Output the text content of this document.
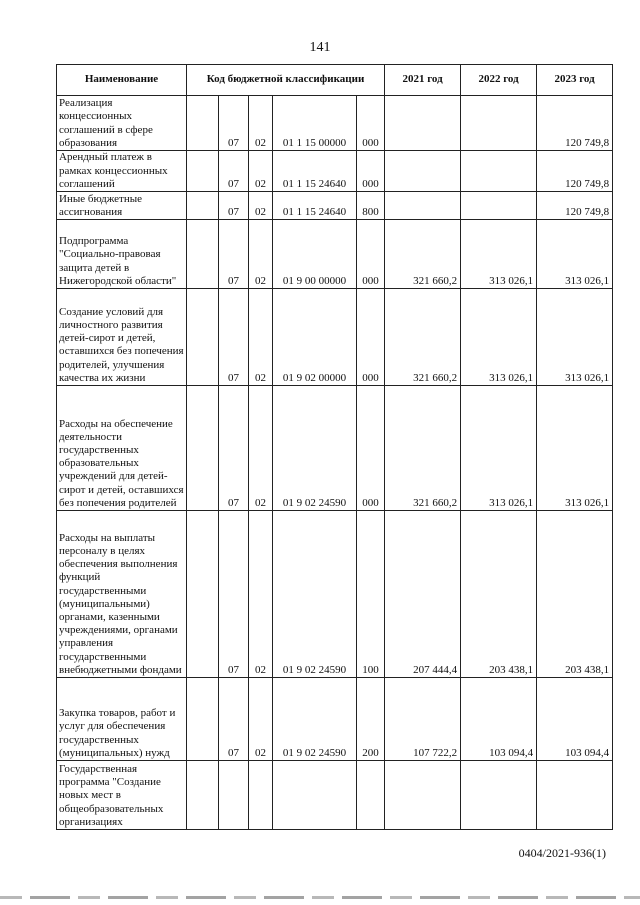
141
Наименование	Код бюджетной классификации					2021 год	2022 год	2023 год
Реализация концессионных соглашений в сфере образования		07	02	01 1 15 00000	000			120 749,8
Арендный платеж в рамках концессионных соглашений		07	02	01 1 15 24640	000			120 749,8
Иные бюджетные ассигнования		07	02	01 1 15 24640	800			120 749,8
Подпрограмма "Социально-правовая защита детей в Нижегородской области"		07	02	01 9 00 00000	000	321 660,2	313 026,1	313 026,1
Создание условий для личностного развития детей-сирот и детей, оставшихся без попечения родителей, улучшения качества их жизни		07	02	01 9 02 00000	000	321 660,2	313 026,1	313 026,1
Расходы на обеспечение деятельности государственных образовательных учреждений для детей-сирот и детей, оставшихся без попечения родителей		07	02	01 9 02 24590	000	321 660,2	313 026,1	313 026,1
Расходы на выплаты персоналу в целях обеспечения выполнения функций государственными (муниципальными) органами, казенными учреждениями, органами управления государственными внебюджетными фондами		07	02	01 9 02 24590	100	207 444,4	203 438,1	203 438,1
Закупка товаров, работ и услуг для обеспечения государственных (муниципальных) нужд		07	02	01 9 02 24590	200	107 722,2	103 094,4	103 094,4
Государственная программа "Создание новых мест в общеобразовательных организациях								
0404/2021-936(1)
